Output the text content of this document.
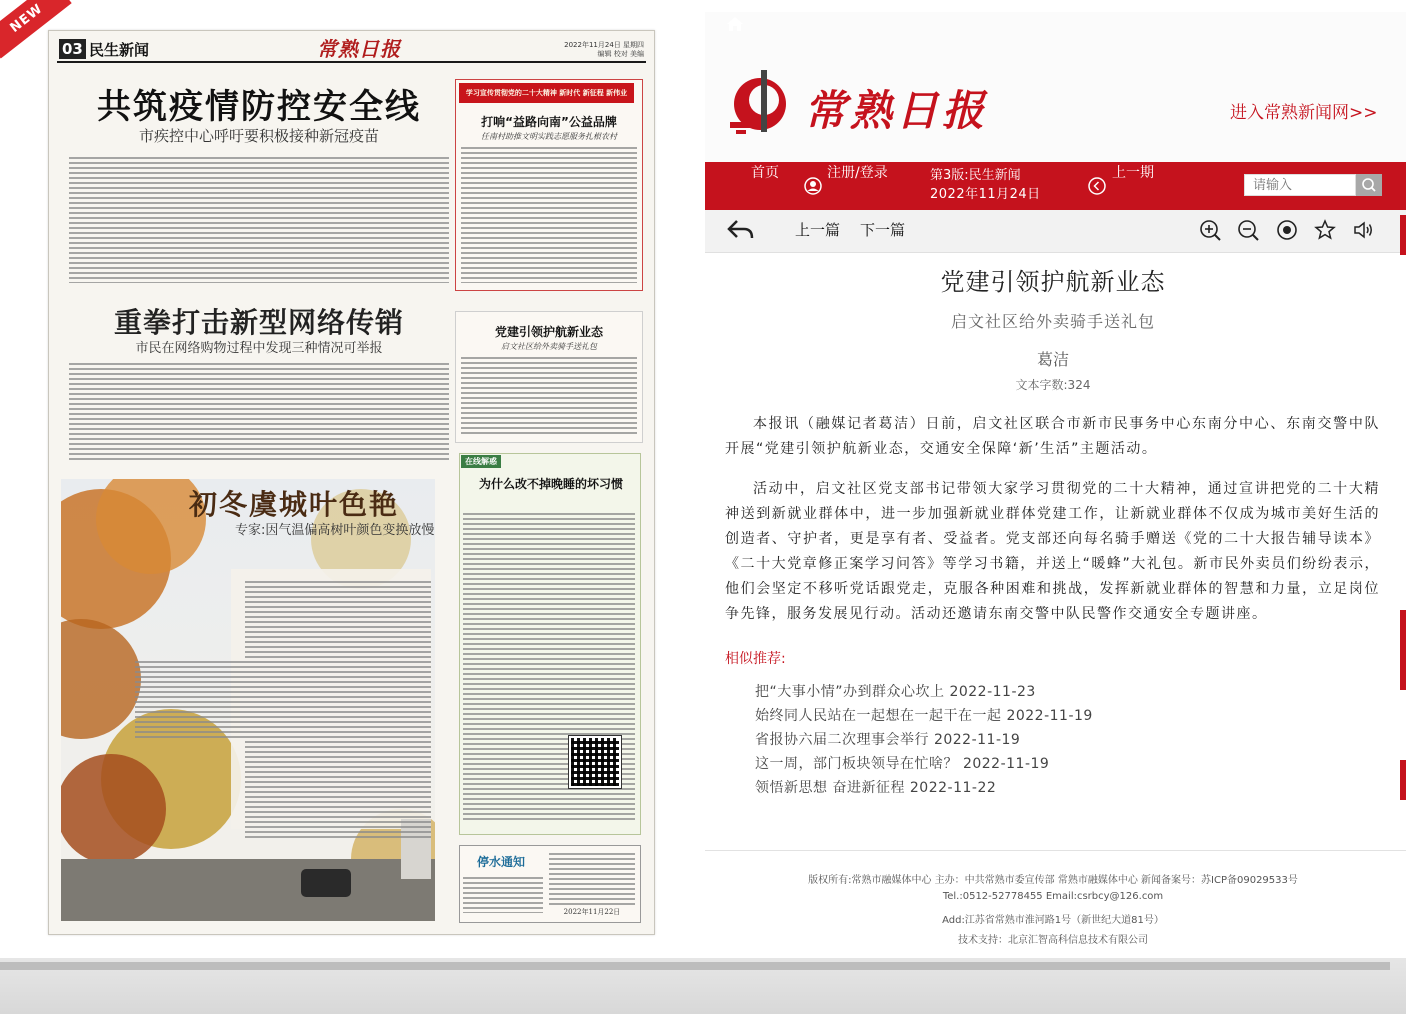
NEW
03 民生新闻	常熟日报	2022年11月24日 星期四
编辑 校对 美编
共筑疫情防控安全线
市疾控中心呼吁要积极接种新冠疫苗
重拳打击新型网络传销
市民在网络购物过程中发现三种情况可举报
初冬虞城叶色艳
专家:因气温偏高树叶颜色变换放慢
学习宣传贯彻党的二十大精神 新时代 新征程 新伟业
打响“益路向南”公益品牌
任南村助推文明实践志愿服务扎根农村
党建引领护航新业态
启文社区给外卖骑手送礼包
在线解惑
为什么改不掉晚睡的坏习惯
停水通知
2022年11月22日
常熟日报	进入常熟新闻网>>
首页	注册/登录	第3版:民生新闻
2022年11月24日
上一期
请输入
上一篇 下一篇
党建引领护航新业态
启文社区给外卖骑手送礼包
葛洁
文本字数:324
本报讯（融媒记者葛洁）日前，启文社区联合市新市民事务中心东南分中心、东南交警中队开展“党建引领护航新业态，交通安全保障‘新’生活”主题活动。
活动中，启文社区党支部书记带领大家学习贯彻党的二十大精神，通过宣讲把党的二十大精神送到新就业群体中，进一步加强新就业群体党建工作，让新就业群体不仅成为城市美好生活的创造者、守护者，更是享有者、受益者。党支部还向每名骑手赠送《党的二十大报告辅导读本》《二十大党章修正案学习问答》等学习书籍，并送上“暖蜂”大礼包。新市民外卖员们纷纷表示，他们会坚定不移听党话跟党走，克服各种困难和挑战，发挥新就业群体的智慧和力量，立足岗位争先锋，服务发展见行动。活动还邀请东南交警中队民警作交通安全专题讲座。
相似推荐:
把“大事小情”办到群众心坎上 2022-11-23
始终同人民站在一起想在一起干在一起 2022-11-19
省报协六届二次理事会举行 2022-11-19
这一周，部门板块领导在忙啥？ 2022-11-19
领悟新思想 奋进新征程 2022-11-22
版权所有:常熟市融媒体中心 主办：中共常熟市委宣传部 常熟市融媒体中心 新闻备案号：苏ICP备09029533号
Tel.:0512-52778455 Email:csrbcy@126.com
Add:江苏省常熟市淮河路1号（新世纪大道81号）
技术支持：北京汇智高科信息技术有限公司
